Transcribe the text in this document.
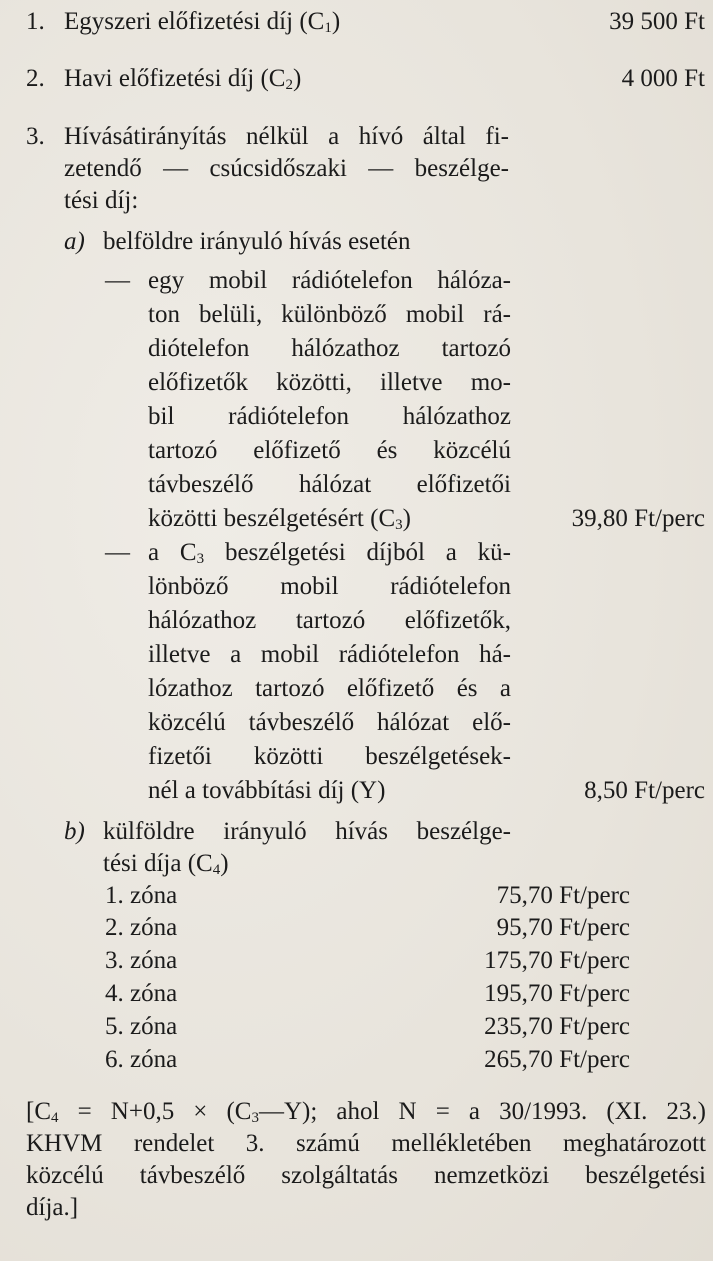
1. Egyszeri előfizetési díj $(C_1)$	39 500 Ft
2. Havi előfizetési díj $(C_2)$	4 000 Ft
3. Hívásátirányítás nélkül a hívó által fi-
zetendő — csúcsidőszaki — beszélge-
tési díj:
a) belföldre irányuló hívás esetén
— egy mobil rádiótelefon hálóza-
ton belüli, különböző mobil rá-
diótelefon hálózathoz tartozó
előfizetők közötti, illetve mo-
bil rádiótelefon hálózathoz
tartozó előfizető és közcélú
távbeszélő hálózat előfizetői
közötti beszélgetésért $(C_3)$	39,80 Ft/perc
— a $C_3$ beszélgetési díjból a kü-
lönböző mobil rádiótelefon
hálózathoz tartozó előfizetők,
illetve a mobil rádiótelefon há-
lózathoz tartozó előfizető és a
közcélú távbeszélő hálózat elő-
fizetői közötti beszélgetések-
nél a továbbítási díj (Y)	8,50 Ft/perc
b) külföldre irányuló hívás beszélge-
tési díja $(C_4)$
1. zóna	75,70 Ft/perc
2. zóna	95,70 Ft/perc
3. zóna	175,70 Ft/perc
4. zóna	195,70 Ft/perc
5. zóna	235,70 Ft/perc
6. zóna	265,70 Ft/perc
[$C_4 = N+0,5$ × $(C_3—Y)$; ahol N = a 30/1993. (XI. 23.)
KHVM rendelet 3. számú mellékletében meghatározott
közcélú távbeszélő szolgáltatás nemzetközi beszélgetési
díja.]
